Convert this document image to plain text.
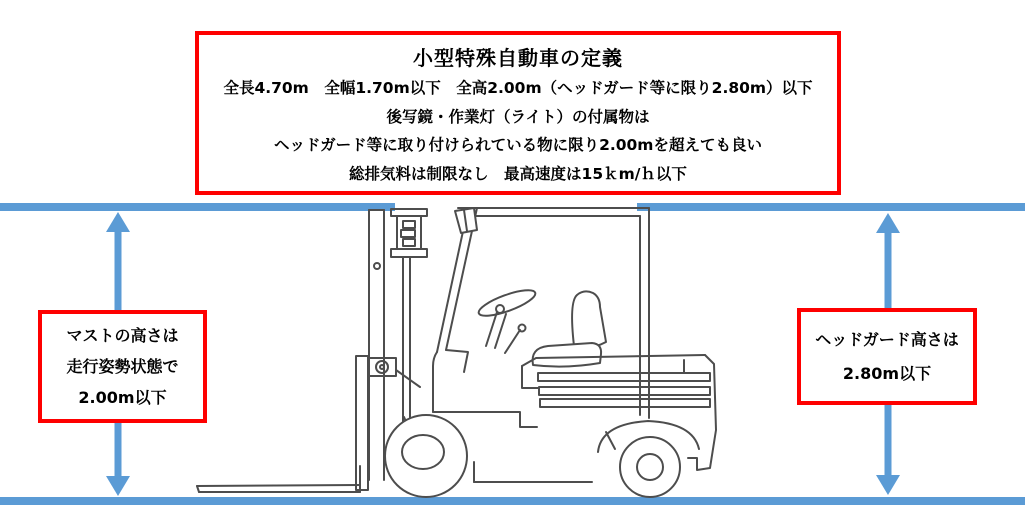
小型特殊自動車の定義
全長4.70m　全幅1.70m以下　全高2.00m（ヘッドガード等に限り2.80m）以下
後写鏡・作業灯（ライト）の付属物は
ヘッドガード等に取り付けられている物に限り2.00mを超えても良い
総排気料は制限なし　最高速度は15ｋm/ｈ以下
マストの高さは
走行姿勢状態で
2.00m以下
ヘッドガード高さは
2.80m以下
